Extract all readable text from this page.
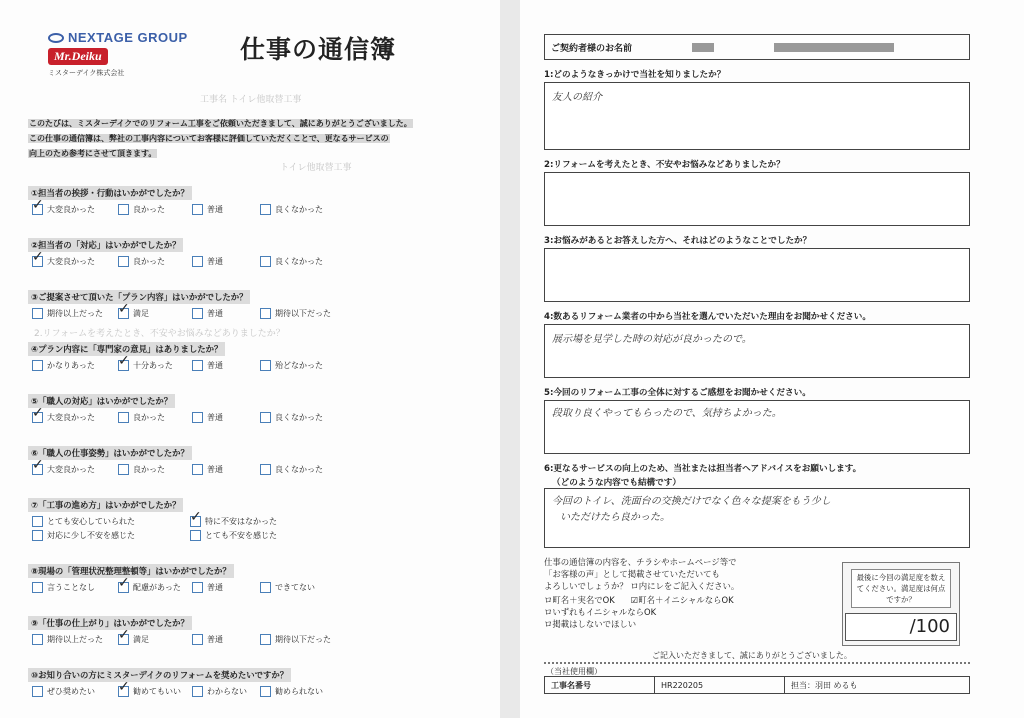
NEXTAGE GROUP
Mr.Deiku
ミスターデイク株式会社
仕事の通信簿
工事名 トイレ他取替工事
トイレ他取替工事
2.リフォームを考えたとき、不安やお悩みなどありましたか？
このたびは、ミスターデイクでのリフォーム工事をご依頼いただきまして、誠にありがとうございました。
この仕事の通信簿は、弊社の工事内容についてお客様に評価していただくことで、更なるサービスの
向上のため参考にさせて頂きます。
①担当者の挨拶・行動はいかがでしたか？
✓ 大変良かった	良かった	普通	良くなかった
②担当者の「対応」はいかがでしたか？
✓ 大変良かった	良かった	普通	良くなかった
③ご提案させて頂いた「プラン内容」はいかがでしたか？
期待以上だった ✓ 満足	普通	期待以下だった
④プラン内容に「専門家の意見」はありましたか？
かなりあった ✓ 十分あった	普通	殆どなかった
⑤「職人の対応」はいかがでしたか？
✓ 大変良かった	良かった	普通	良くなかった
⑥「職人の仕事姿勢」はいかがでしたか？
✓ 大変良かった	良かった	普通	良くなかった
⑦「工事の進め方」はいかがでしたか？
とても安心していられた	✓ 特に不安はなかった
対応に少し不安を感じた	とても不安を感じた
⑧現場の「管理状況整理整頓等」はいかがでしたか？
言うことなし ✓ 配慮があった	普通	できてない
⑨「仕事の仕上がり」はいかがでしたか？
期待以上だった ✓ 満足	普通	期待以下だった
⑩お知り合いの方にミスターデイクのリフォームを奨めたいですか？
ぜひ奨めたい ✓ 勧めてもいい	わからない	勧められない
ご契約者様のお名前
1:どのようなきっかけで当社を知りましたか？
友人の紹介
2:リフォームを考えたとき、不安やお悩みなどありましたか？
3:お悩みがあるとお答えした方へ、それはどのようなことでしたか？
4:数あるリフォーム業者の中から当社を選んでいただいた理由をお聞かせください。
展示場を見学した時の対応が良かったので。
5:今回のリフォーム工事の全体に対するご感想をお聞かせください。
段取り良くやってもらったので、気持ちよかった。
6:更なるサービスの向上のため、当社または担当者へアドバイスをお願いします。
（どのような内容でも結構です）
今回のトイレ、洗面台の交換だけでなく色々な提案をもう少し
いただけたら良かった。
仕事の通信簿の内容を、チラシやホームページ等で
「お客様の声」として掲載させていただいても
よろしいでしょうか？ ロ内にレをご記入ください。
ロ町名＋実名でOK ☑町名＋イニシャルならOK
ロいずれもイニシャルならOK
ロ掲載はしないでほしい
最後に今回の満足度を数えてください。満足度は何点ですか？
/100
ご記入いただきまして、誠にありがとうございました。
（当社使用欄）
工事名番号	HR220205	担当：羽田 めるも
